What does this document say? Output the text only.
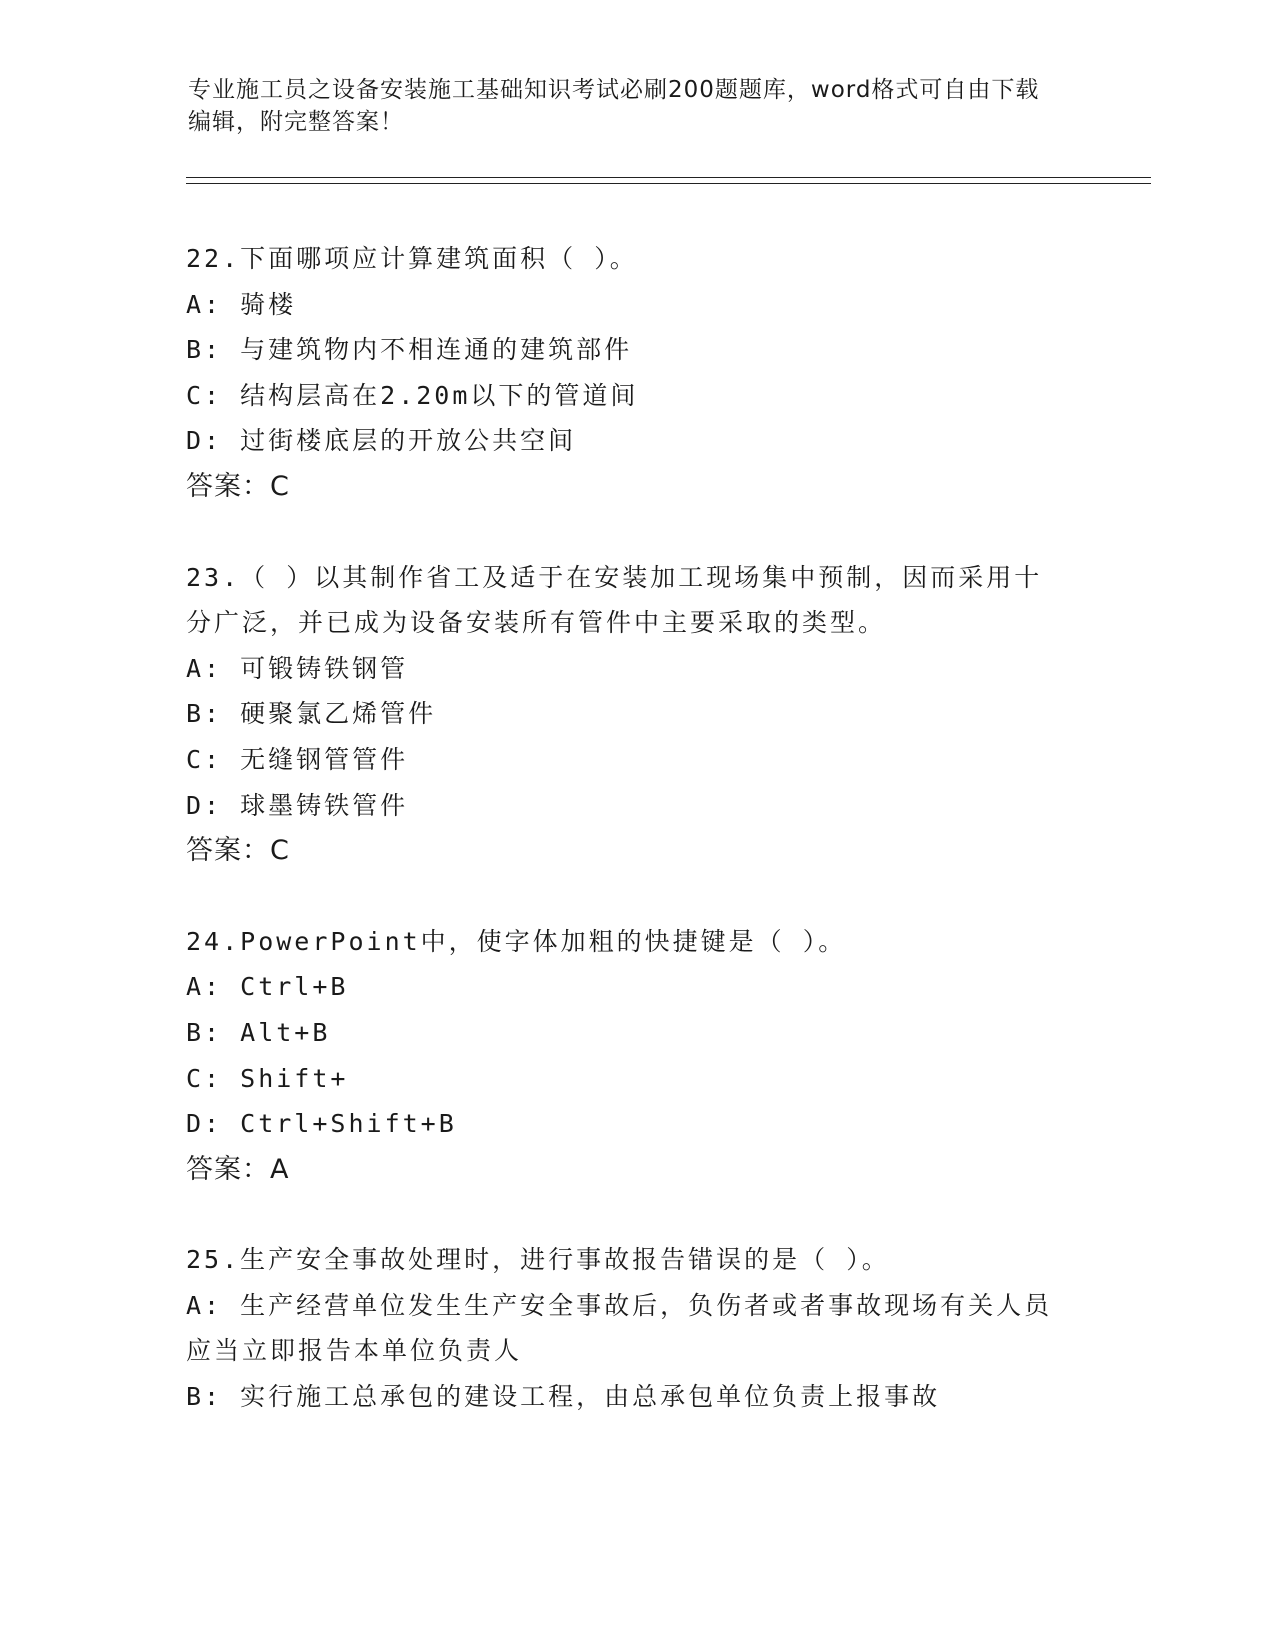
专业施工员之设备安装施工基础知识考试必刷200题题库，word格式可自由下载
编辑，附完整答案！
22.下面哪项应计算建筑面积（ ）。
A: 骑楼
B: 与建筑物内不相连通的建筑部件
C: 结构层高在2.20m以下的管道间
D: 过街楼底层的开放公共空间
答案：C
23.（ ）以其制作省工及适于在安装加工现场集中预制，因而采用十
分广泛，并已成为设备安装所有管件中主要采取的类型。
A: 可锻铸铁钢管
B: 硬聚氯乙烯管件
C: 无缝钢管管件
D: 球墨铸铁管件
答案：C
24.PowerPoint中，使字体加粗的快捷键是（ ）。
A: Ctrl+B
B: Alt+B
C: Shift+
D: Ctrl+Shift+B
答案：A
25.生产安全事故处理时，进行事故报告错误的是（ ）。
A: 生产经营单位发生生产安全事故后，负伤者或者事故现场有关人员
应当立即报告本单位负责人
B: 实行施工总承包的建设工程，由总承包单位负责上报事故
